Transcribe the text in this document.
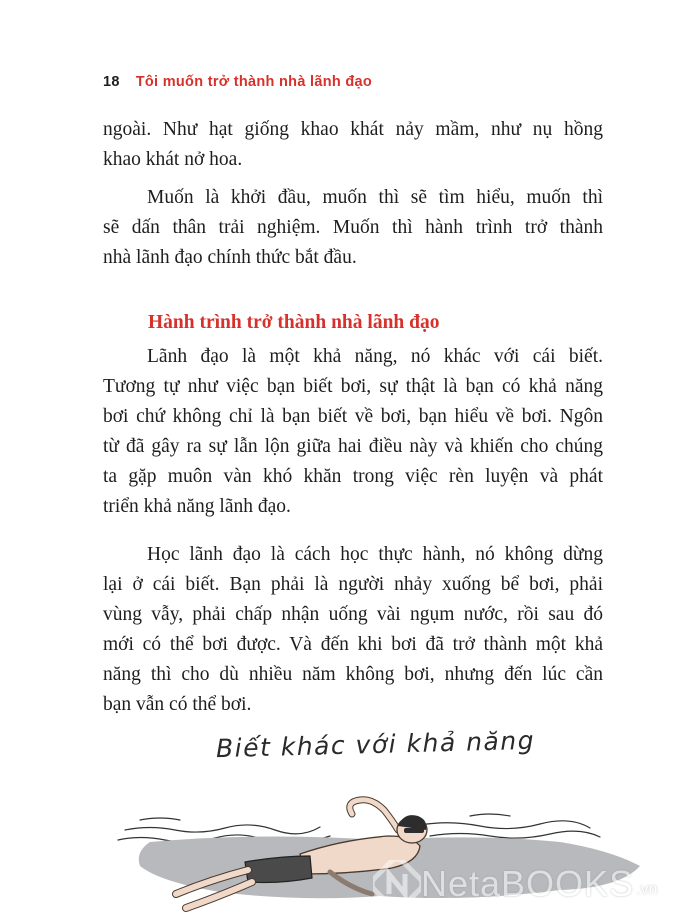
18 Tôi muốn trở thành nhà lãnh đạo

ngoài. Như hạt giống khao khát nảy mầm, như nụ hồng
khao khát nở hoa.

Muốn là khởi đầu, muốn thì sẽ tìm hiểu, muốn thì
sẽ dấn thân trải nghiệm. Muốn thì hành trình trở thành
nhà lãnh đạo chính thức bắt đầu.

Hành trình trở thành nhà lãnh đạo

Lãnh đạo là một khả năng, nó khác với cái biết.
Tương tự như việc bạn biết bơi, sự thật là bạn có khả năng
bơi chứ không chỉ là bạn biết về bơi, bạn hiểu về bơi. Ngôn
từ đã gây ra sự lẫn lộn giữa hai điều này và khiến cho chúng
ta gặp muôn vàn khó khăn trong việc rèn luyện và phát
triển khả năng lãnh đạo.

Học lãnh đạo là cách học thực hành, nó không dừng
lại ở cái biết. Bạn phải là người nhảy xuống bể bơi, phải
vùng vẫy, phải chấp nhận uống vài ngụm nước, rồi sau đó
mới có thể bơi được. Và đến khi bơi đã trở thành một khả
năng thì cho dù nhiều năm không bơi, nhưng đến lúc cần
bạn vẫn có thể bơi.

Biết khác với khả năng
NetaBOOKS .vn
